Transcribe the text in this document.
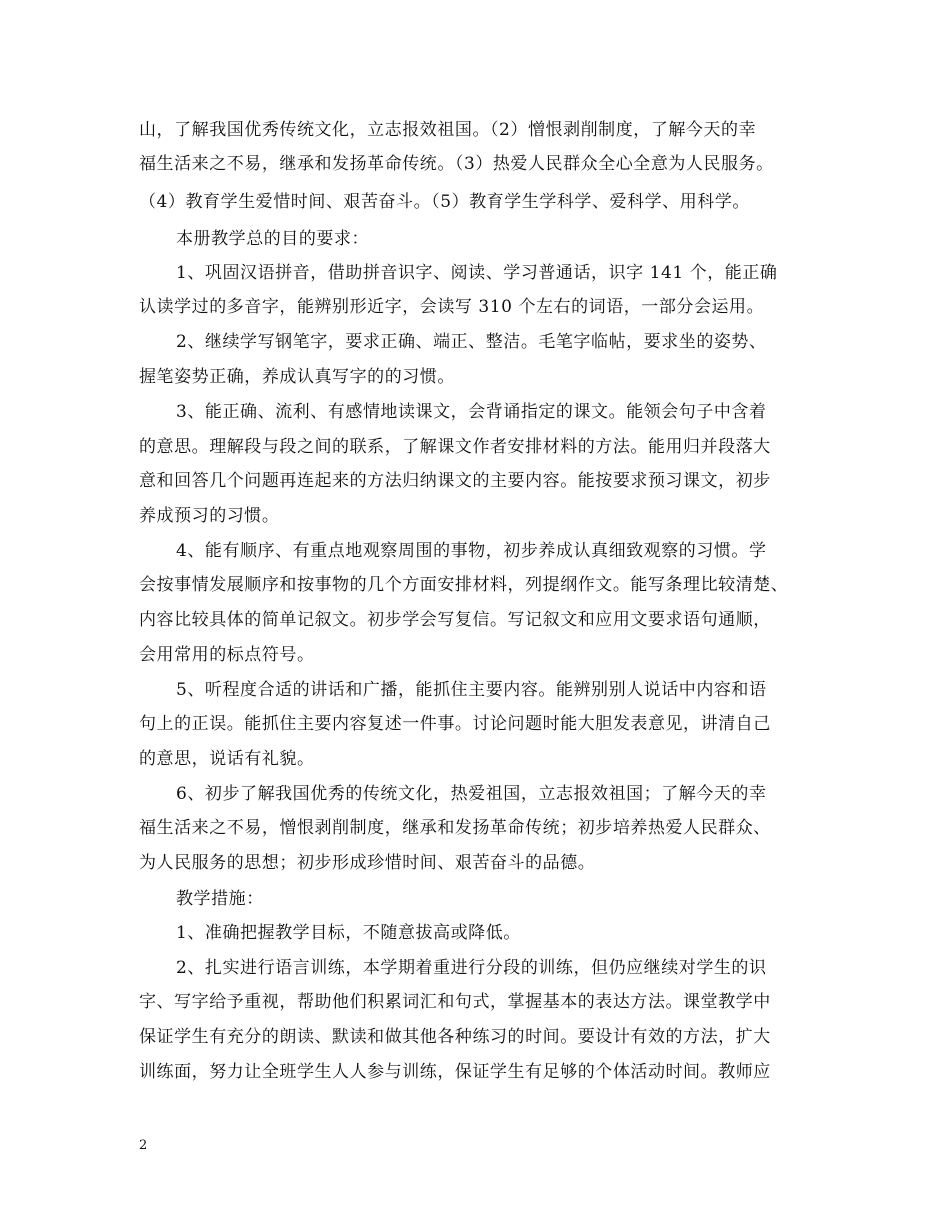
山，了解我国优秀传统文化，立志报效祖国。（2）憎恨剥削制度，了解今天的幸
福生活来之不易，继承和发扬革命传统。（3）热爱人民群众全心全意为人民服务。
（4）教育学生爱惜时间、艰苦奋斗。（5）教育学生学科学、爱科学、用科学。
本册教学总的目的要求：
1、巩固汉语拼音，借助拼音识字、阅读、学习普通话，识字 141 个，能正确
认读学过的多音字，能辨别形近字，会读写 310 个左右的词语，一部分会运用。
2、继续学写钢笔字，要求正确、端正、整洁。毛笔字临帖，要求坐的姿势、
握笔姿势正确，养成认真写字的的习惯。
3、能正确、流利、有感情地读课文，会背诵指定的课文。能领会句子中含着
的意思。理解段与段之间的联系，了解课文作者安排材料的方法。能用归并段落大
意和回答几个问题再连起来的方法归纳课文的主要内容。能按要求预习课文，初步
养成预习的习惯。
4、能有顺序、有重点地观察周围的事物，初步养成认真细致观察的习惯。学
会按事情发展顺序和按事物的几个方面安排材料，列提纲作文。能写条理比较清楚、
内容比较具体的简单记叙文。初步学会写复信。写记叙文和应用文要求语句通顺，
会用常用的标点符号。
5、听程度合适的讲话和广播，能抓住主要内容。能辨别别人说话中内容和语
句上的正误。能抓住主要内容复述一件事。讨论问题时能大胆发表意见，讲清自己
的意思，说话有礼貌。
6、初步了解我国优秀的传统文化，热爱祖国，立志报效祖国；了解今天的幸
福生活来之不易，憎恨剥削制度，继承和发扬革命传统；初步培养热爱人民群众、
为人民服务的思想；初步形成珍惜时间、艰苦奋斗的品德。
教学措施：
1、准确把握教学目标，不随意拔高或降低。
2、扎实进行语言训练，本学期着重进行分段的训练，但仍应继续对学生的识
字、写字给予重视，帮助他们积累词汇和句式，掌握基本的表达方法。课堂教学中
保证学生有充分的朗读、默读和做其他各种练习的时间。要设计有效的方法，扩大
训练面，努力让全班学生人人参与训练，保证学生有足够的个体活动时间。教师应
2
